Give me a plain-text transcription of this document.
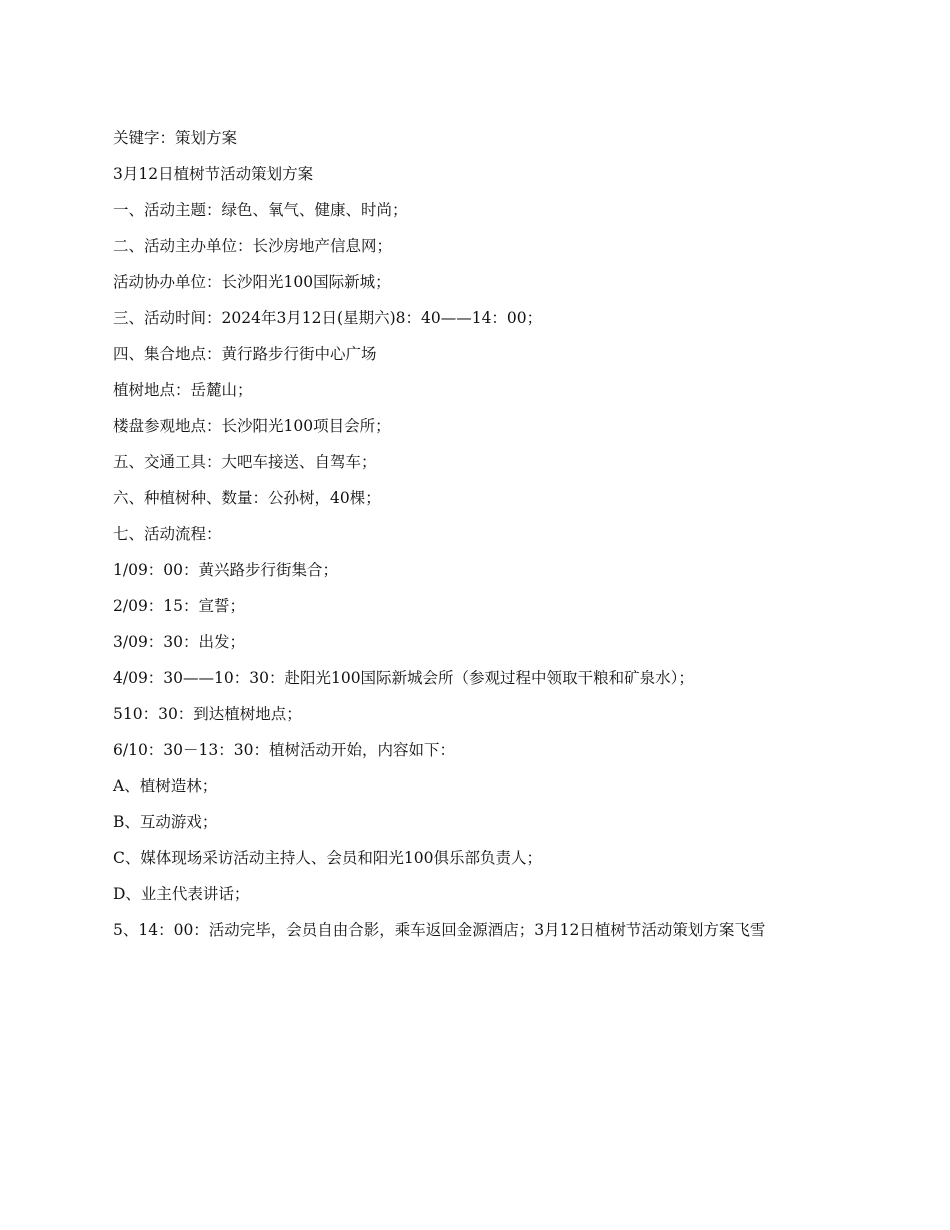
关键字：策划方案

3月12日植树节活动策划方案

一、活动主题：绿色、氧气、健康、时尚；

二、活动主办单位：长沙房地产信息网；

活动协办单位：长沙阳光100国际新城；

三、活动时间：2024年3月12日(星期六)8：40——14：00；

四、集合地点：黄行路步行街中心广场

植树地点：岳麓山；

楼盘参观地点：长沙阳光100项目会所；

五、交通工具：大吧车接送、自驾车；

六、种植树种、数量：公孙树，40棵；

七、活动流程：

1/09：00：黄兴路步行街集合；

2/09：15：宣誓；

3/09：30：出发；

4/09：30——10：30：赴阳光100国际新城会所（参观过程中领取干粮和矿泉水）；

510：30：到达植树地点；

6/10：30－13：30：植树活动开始，内容如下：

A、植树造林；

B、互动游戏；

C、媒体现场采访活动主持人、会员和阳光100俱乐部负责人；

D、业主代表讲话；

5、14：00：活动完毕，会员自由合影，乘车返回金源酒店；3月12日植树节活动策划方案飞雪
